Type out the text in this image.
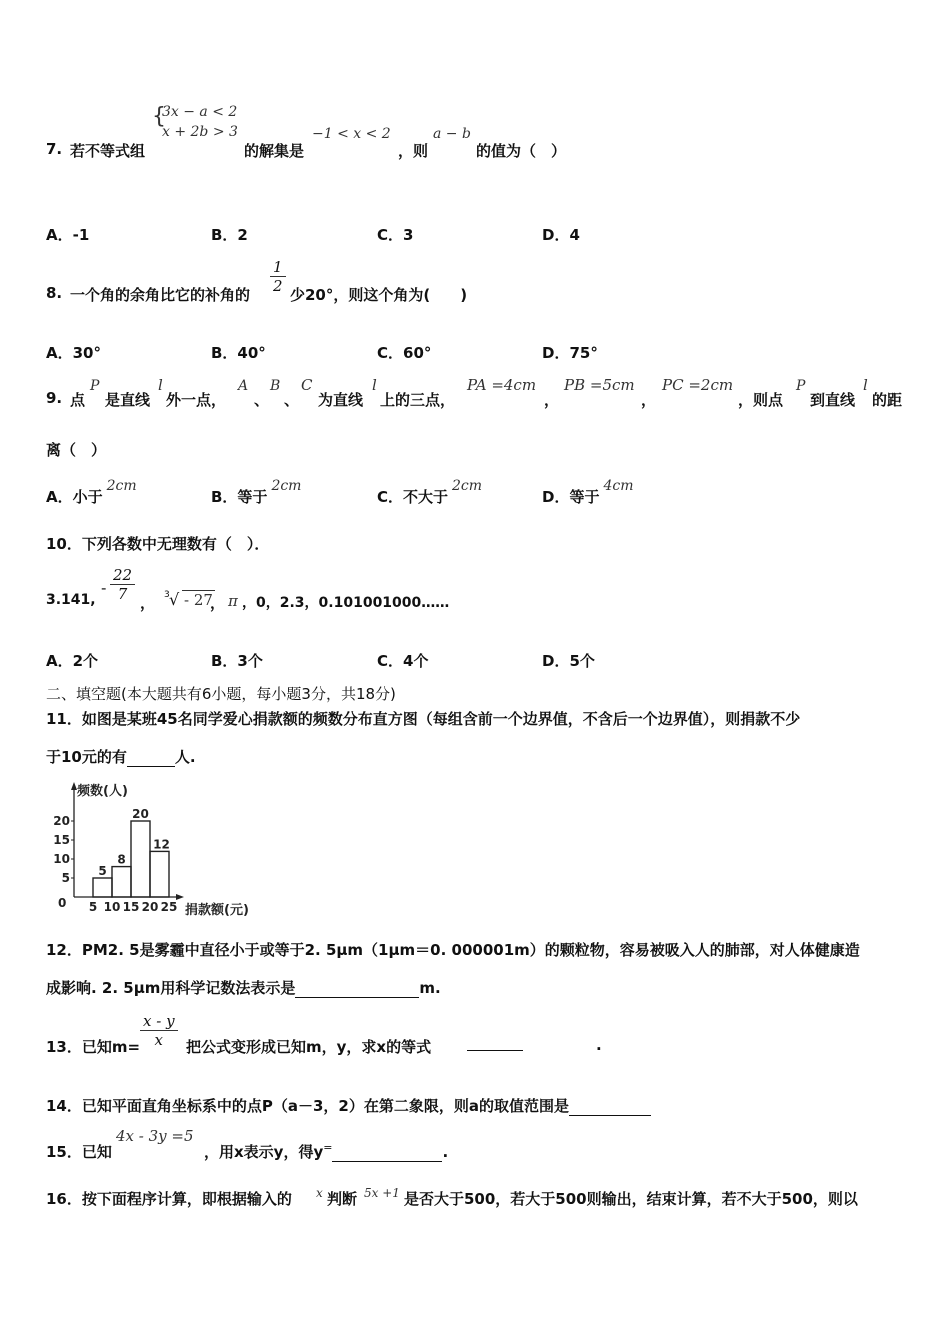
7. 若不等式组
{
3x − a < 2
x + 2b > 3
的解集是
−1 < x < 2
，则
a − b
的值为（　）
A．-1	B．2	C．3	D．4
8. 一个角的余角比它的补角的 $\frac{1}{2}$ 少20°，则这个角为(　　)
A．30°	B．40°	C．60°	D．75°
9. 点
P
是直线
l
外一点，
A
、
B
、
C
为直线
l
上的三点，
PA =4cm
，
PB =5cm
，
PC =2cm
，则点
P
到直线
l
的距
离（　）
A．小于2cm
B．等于2cm
C．不大于2cm
D．等于4cm
10．下列各数中无理数有（　）．
3.141,
- $\frac{22}{7}$ ， 3 √ - 27
， π ，0，2.3，0.101001000……
A．2个	B．3个	C．4个	D．5个
二、填空题(本大题共有6小题，每小题3分，共18分)
11．如图是某班45名同学爱心捐款额的频数分布直方图（每组含前一个边界值，不含后一个边界值），则捐款不少
于10元的有	人.
频数(人)
捐款额(元)
0
5
10
15
20
5 10 15 20 25
5
8
20
12
12．PM2. 5是雾霾中直径小于或等于2. 5μm（1μm＝0. 000001m）的颗粒物，容易被吸入人的肺部，对人体健康造
成影响. 2. 5μm用科学记数法表示是	m.
13．已知$m= \frac{x - y}{x}$ 把公式变形成已知m，y，求x的等式	.
14．已知平面直角坐标系中的点P（a－3，2）在第二象限，则a的取值范围是
15．已知
4x - 3y =5
，用x表示y，得y=	.
16．按下面程序计算，即根据输入的 x 判断 5x +1 是否大于500，若大于500则输出，结束计算，若不大于500，则以
